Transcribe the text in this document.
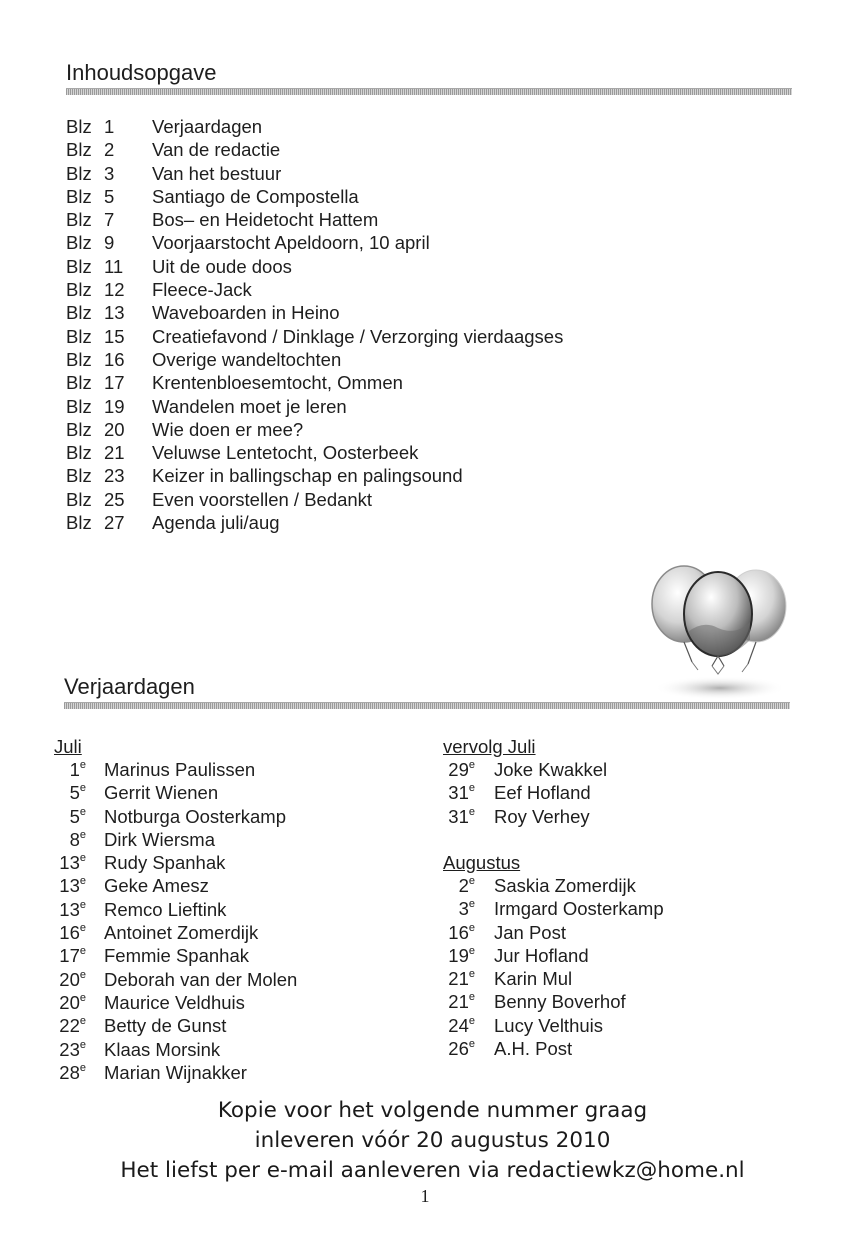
Inhoudsopgave
Blz 1	Verjaardagen
Blz 2	Van de redactie
Blz 3	Van het bestuur
Blz 5	Santiago de Compostella
Blz 7	Bos– en Heidetocht Hattem
Blz 9	Voorjaarstocht Apeldoorn, 10 april
Blz 11	Uit de oude doos
Blz 12	Fleece-Jack
Blz 13	Waveboarden in Heino
Blz 15	Creatiefavond / Dinklage / Verzorging vierdaagses
Blz 16	Overige wandeltochten
Blz 17	Krentenbloesemtocht, Ommen
Blz 19	Wandelen moet je leren
Blz 20	Wie doen er mee?
Blz 21	Veluwse Lentetocht, Oosterbeek
Blz 23	Keizer in ballingschap en palingsound
Blz 25	Even voorstellen / Bedankt
Blz 27	Agenda juli/aug
Verjaardagen

Juli

1e Marinus Paulissen
5e Gerrit Wienen
5e Notburga Oosterkamp
8e Dirk Wiersma
13e Rudy Spanhak
13e Geke Amesz
13e Remco Lieftink
16e Antoinet Zomerdijk
17e Femmie Spanhak
20e Deborah van der Molen
20e Maurice Veldhuis
22e Betty de Gunst
23e Klaas Morsink
28e Marian Wijnakker

vervolg Juli

29e Joke Kwakkel
31e Eef Hofland
31e Roy Verhey

Augustus

2e Saskia Zomerdijk
3e Irmgard Oosterkamp
16e Jan Post
19e Jur Hofland
21e Karin Mul
21e Benny Boverhof
24e Lucy Velthuis
26e A.H. Post
Kopie voor het volgende nummer graag
inleveren vóór 20 augustus 2010
Het liefst per e-mail aanleveren via redactiewkz@home.nl
1
